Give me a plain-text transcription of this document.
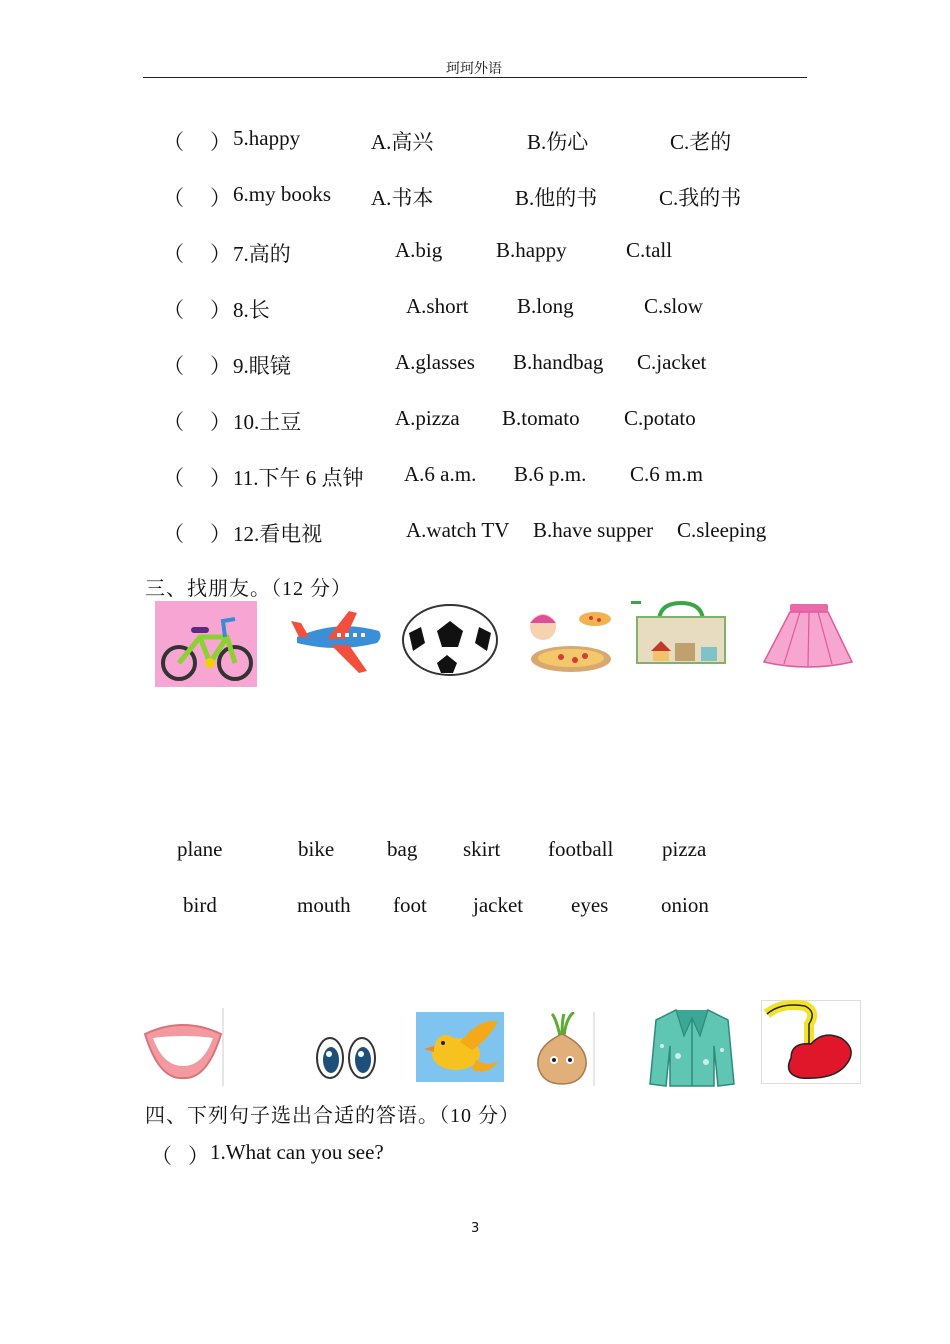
珂珂外语
（ ） 5.happy	A.高兴	B.伤心	C.老的
（ ） 6.my books A.书本	B.他的书	C.我的书
（ ） 7.高的	A.big	B.happy	C.tall
（ ） 8.长	A.short B.long	C.slow
（ ） 9.眼镜	A.glasses B.handbag C.jacket
（ ） 10.土豆	A.pizza B.tomato C.potato
（ ） 11.下午 6 点钟 A.6 a.m. B.6 p.m. C.6 m.m
（ ） 12.看电视	A.watch TV B.have supper C.sleeping
三、找朋友。（12 分）
plane	bike	bag skirt football pizza
bird	mouth foot jacket eyes	onion
四、下列句子选出合适的答语。（10 分）
（ ） 1.What can you see?
3
